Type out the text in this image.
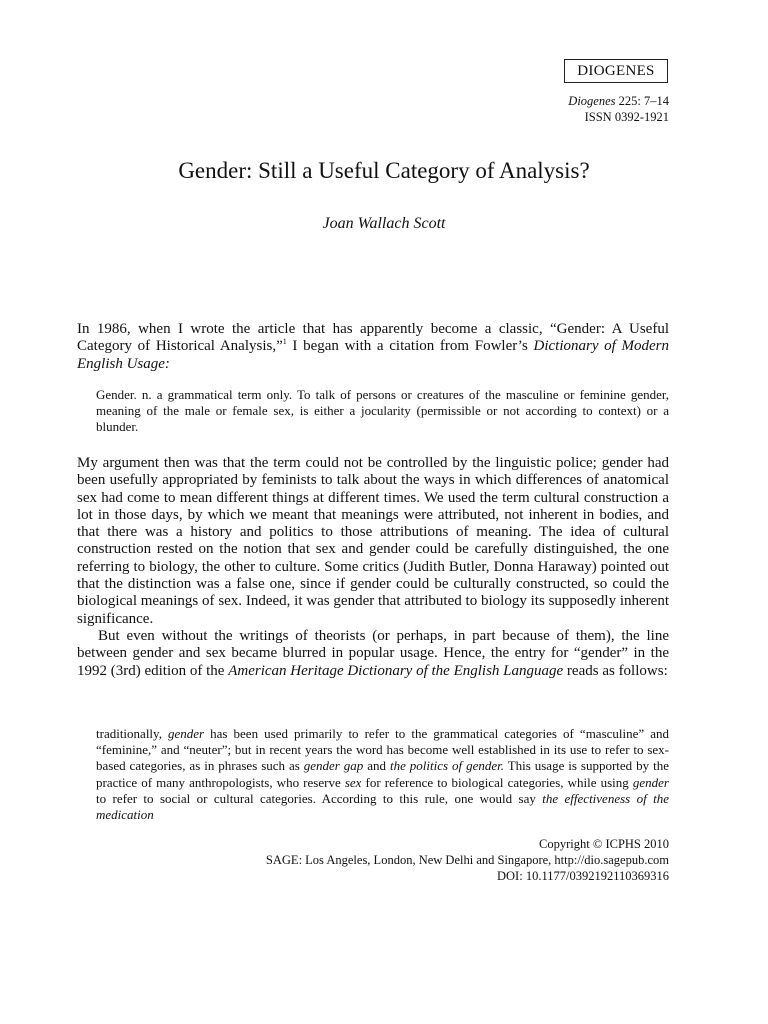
DIOGENES
Diogenes 225: 7–14
ISSN 0392-1921
Gender: Still a Useful Category of Analysis?
Joan Wallach Scott
In 1986, when I wrote the article that has apparently become a classic, “Gender: A Useful Category of Historical Analysis,”$^1$ I began with a citation from Fowler’s Dictionary of Modern English Usage:
Gender. n. a grammatical term only. To talk of persons or creatures of the masculine or feminine gender, meaning of the male or female sex, is either a jocularity (permissible or not according to context) or a blunder.

My argument then was that the term could not be controlled by the linguistic police; gender had been usefully appropriated by feminists to talk about the ways in which differences of anatomical sex had come to mean different things at different times. We used the term cultural construction a lot in those days, by which we meant that meanings were attributed, not inherent in bodies, and that there was a history and politics to those attributions of meaning. The idea of cultural construction rested on the notion that sex and gender could be carefully distinguished, the one referring to biology, the other to culture. Some critics (Judith Butler, Donna Haraway) pointed out that the distinction was a false one, since if gender could be culturally constructed, so could the biological meanings of sex. Indeed, it was gender that attributed to biology its supposedly inherent significance.

But even without the writings of theorists (or perhaps, in part because of them), the line between gender and sex became blurred in popular usage. Hence, the entry for “gender” in the 1992 (3rd) edition of the American Heritage Dictionary of the English Language reads as follows:

traditionally, gender has been used primarily to refer to the grammatical categories of “masculine” and “feminine,” and “neuter”; but in recent years the word has become well established in its use to refer to sex-based categories, as in phrases such as gender gap and the politics of gender. This usage is supported by the practice of many anthropologists, who reserve sex for reference to biological categories, while using gender to refer to social or cultural categories. According to this rule, one would say the effectiveness of the medication
Copyright © ICPHS 2010
SAGE: Los Angeles, London, New Delhi and Singapore, http://dio.sagepub.com
DOI: 10.1177/0392192110369316
